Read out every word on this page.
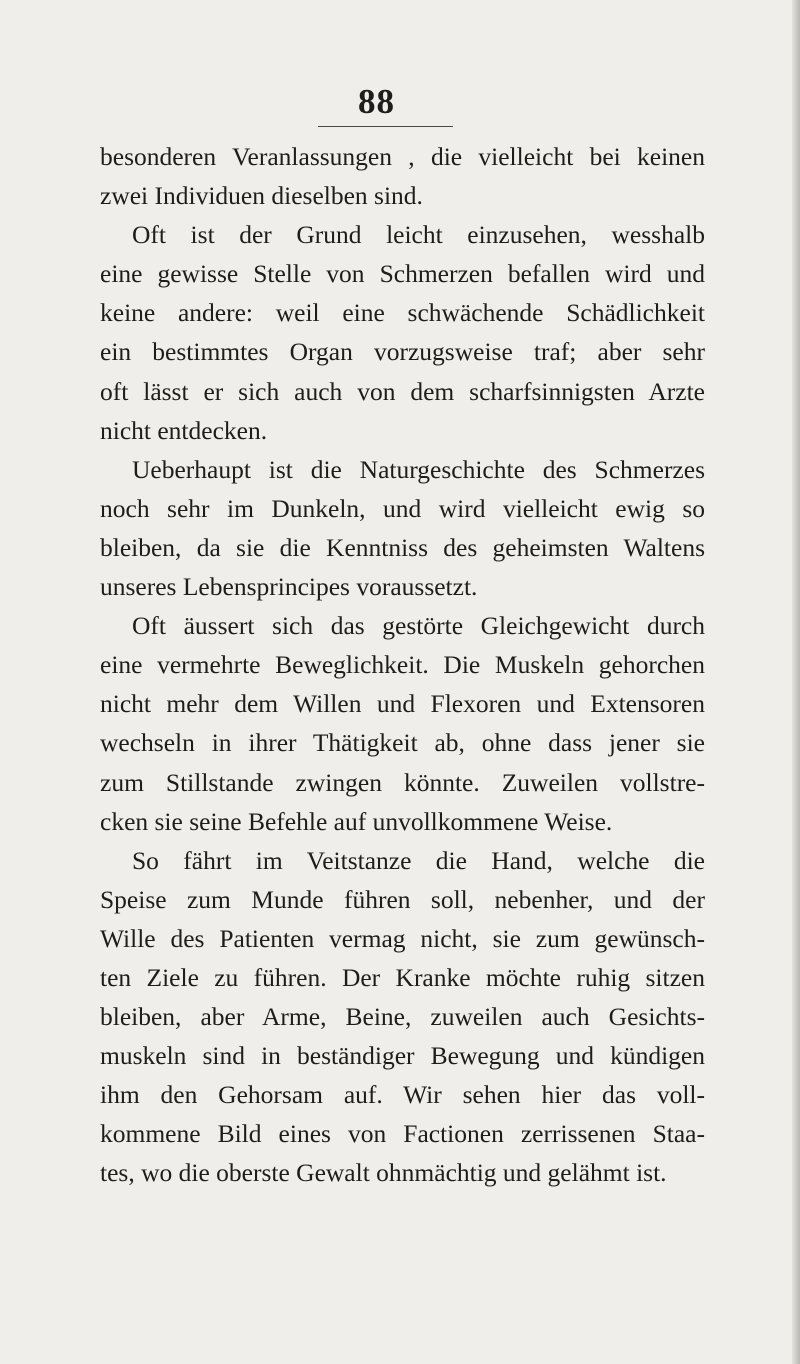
88
besonderen Veranlassungen , die vielleicht bei keinen
zwei Individuen dieselben sind.
Oft ist der Grund leicht einzusehen, wesshalb
eine gewisse Stelle von Schmerzen befallen wird und
keine andere: weil eine schwächende Schädlichkeit
ein bestimmtes Organ vorzugsweise traf; aber sehr
oft lässt er sich auch von dem scharfsinnigsten Arzte
nicht entdecken.
Ueberhaupt ist die Naturgeschichte des Schmerzes
noch sehr im Dunkeln, und wird vielleicht ewig so
bleiben, da sie die Kenntniss des geheimsten Waltens
unseres Lebensprincipes voraussetzt.
Oft äussert sich das gestörte Gleichgewicht durch
eine vermehrte Beweglichkeit. Die Muskeln gehorchen
nicht mehr dem Willen und Flexoren und Extensoren
wechseln in ihrer Thätigkeit ab, ohne dass jener sie
zum Stillstande zwingen könnte. Zuweilen vollstre-
cken sie seine Befehle auf unvollkommene Weise.
So fährt im Veitstanze die Hand, welche die
Speise zum Munde führen soll, nebenher, und der
Wille des Patienten vermag nicht, sie zum gewünsch-
ten Ziele zu führen. Der Kranke möchte ruhig sitzen
bleiben, aber Arme, Beine, zuweilen auch Gesichts-
muskeln sind in beständiger Bewegung und kündigen
ihm den Gehorsam auf. Wir sehen hier das voll-
kommene Bild eines von Factionen zerrissenen Staa-
tes, wo die oberste Gewalt ohnmächtig und gelähmt ist.
